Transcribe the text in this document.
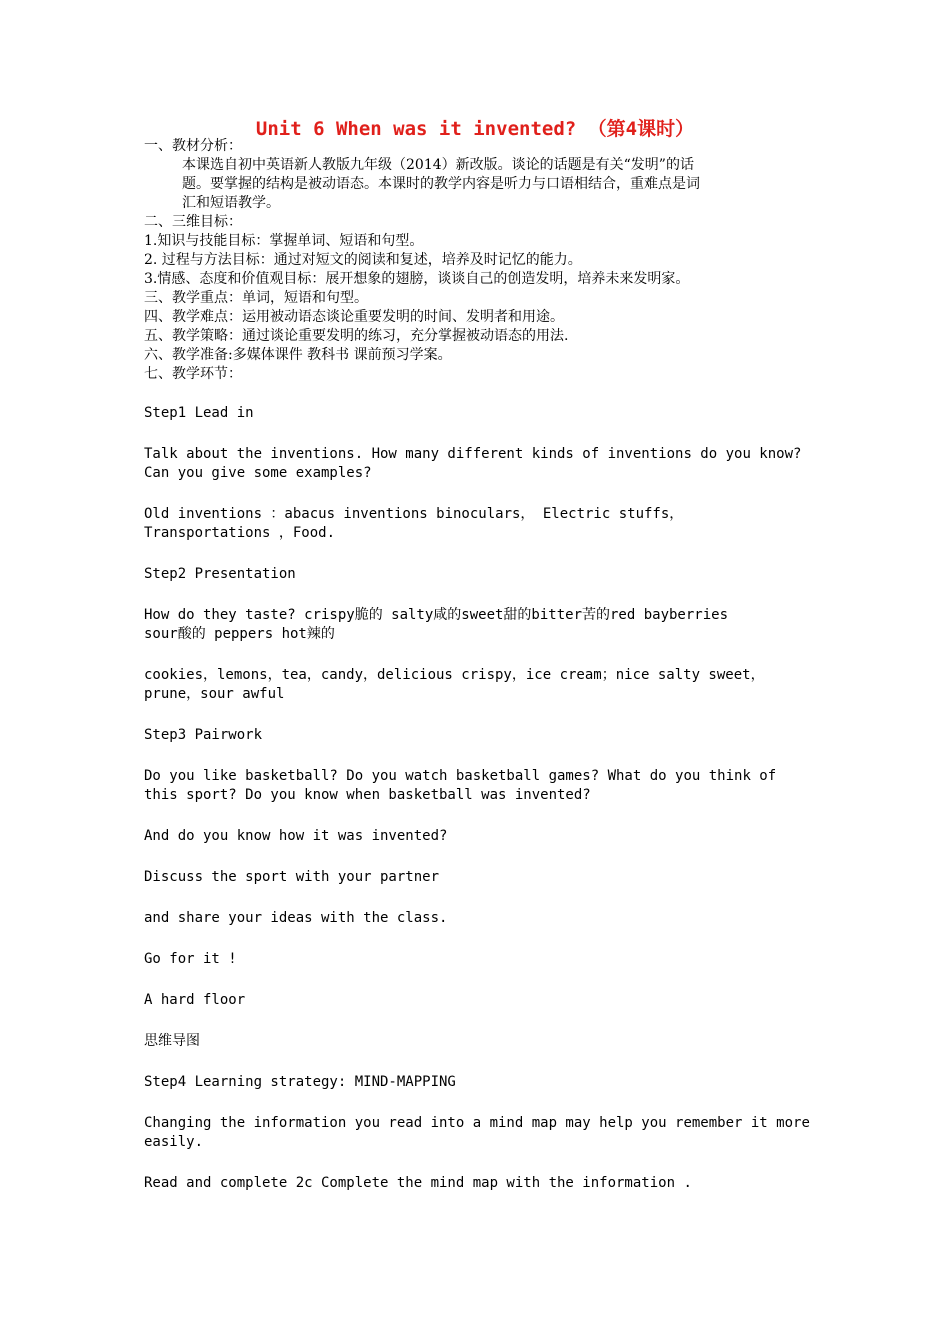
Unit 6 When was it invented? （第4课时）

一、教材分析：

本课选自初中英语新人教版九年级（2014）新改版。谈论的话题是有关“发明”的话

题。要掌握的结构是被动语态。本课时的教学内容是听力与口语相结合，重难点是词

汇和短语教学。

二、三维目标：

1.知识与技能目标：掌握单词、短语和句型。

2. 过程与方法目标：通过对短文的阅读和复述，培养及时记忆的能力。

3.情感、态度和价值观目标：展开想象的翅膀，谈谈自己的创造发明，培养未来发明家。

三、教学重点：单词，短语和句型。

四、教学难点：运用被动语态谈论重要发明的时间、发明者和用途。

五、教学策略：通过谈论重要发明的练习，充分掌握被动语态的用法.

六、教学准备:多媒体课件 教科书 课前预习学案。

七、教学环节：

Step1 Lead in

Talk about the inventions. How many different kinds of inventions do you know?

Can you give some examples?

Old inventions ：abacus inventions binoculars， Electric stuffs，

Transportations ，Food.

Step2 Presentation

How do they taste? crispy脆的 salty咸的sweet甜的bitter苦的red bayberries

sour酸的 peppers hot辣的

cookies，lemons，tea，candy，delicious crispy，ice cream；nice salty sweet，

prune，sour awful

Step3 Pairwork

Do you like basketball? Do you watch basketball games? What do you think of

this sport? Do you know when basketball was invented?

And do you know how it was invented?

Discuss the sport with your partner

and share your ideas with the class.

Go for it !

A hard floor

思维导图

Step4 Learning strategy: MIND-MAPPING

Changing the information you read into a mind map may help you remember it more

easily.

Read and complete 2c Complete the mind map with the information .
